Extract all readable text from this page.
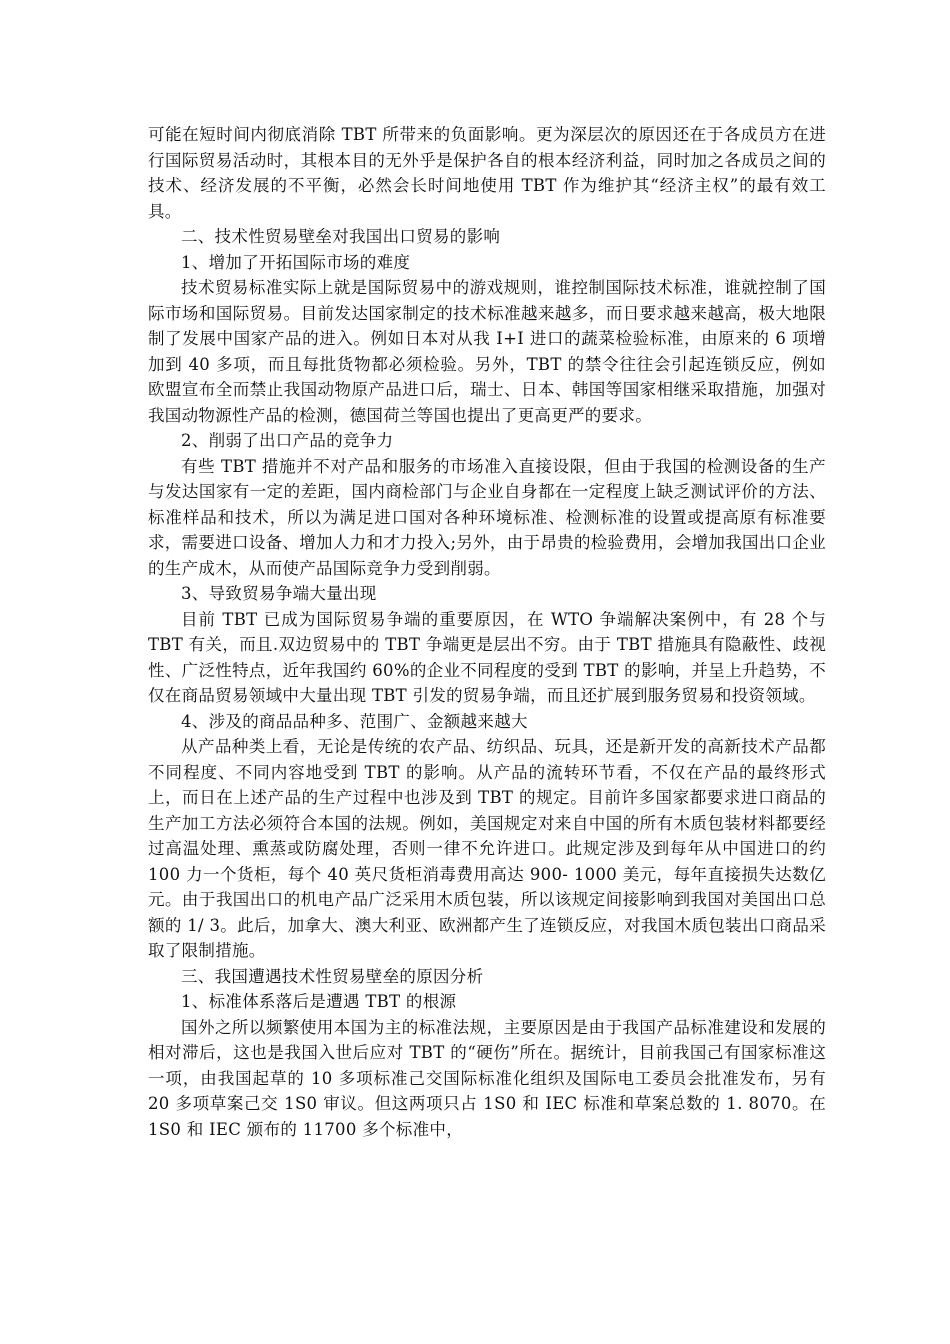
可能在短时间内彻底消除 TBT 所带来的负面影响。更为深层次的原因还在于各成员方在进行国际贸易活动时，其根本目的无外乎是保护各自的根本经济利益，同时加之各成员之间的技术、经济发展的不平衡，必然会长时间地使用 TBT 作为维护其“经济主权”的最有效工具。

二、技术性贸易壁垒对我国出口贸易的影响

1、增加了开拓国际市场的难度

技术贸易标准实际上就是国际贸易中的游戏规则，谁控制国际技术标准，谁就控制了国际市场和国际贸易。目前发达国家制定的技术标准越来越多，而日要求越来越高，极大地限制了发展中国家产品的进入。例如日本对从我 I+I 进口的蔬菜检验标准，由原来的 6 项增加到 40 多项，而且每批货物都必须检验。另外，TBT 的禁令往往会引起连锁反应，例如欧盟宣布全而禁止我国动物原产品进口后，瑞士、日本、韩国等国家相继采取措施，加强对我国动物源性产品的检测，德国荷兰等国也提出了更高更严的要求。

2、削弱了出口产品的竞争力

有些 TBT 措施并不对产品和服务的市场准入直接设限，但由于我国的检测设备的生产与发达国家有一定的差距，国内商检部门与企业自身都在一定程度上缺乏测试评价的方法、标准样品和技术，所以为满足进口国对各种环境标准、检测标准的设置或提高原有标准要求，需要进口设备、增加人力和才力投入;另外，由于昂贵的检验费用，会增加我国出口企业的生产成木，从而使产品国际竞争力受到削弱。

3、导致贸易争端大量出现

目前 TBT 已成为国际贸易争端的重要原因，在 WTO 争端解决案例中，有 28 个与 TBT 有关，而且.双边贸易中的 TBT 争端更是层出不穷。由于 TBT 措施具有隐蔽性、歧视性、广泛性特点，近年我国约 60%的企业不同程度的受到 TBT 的影响，并呈上升趋势，不仅在商品贸易领域中大量出现 TBT 引发的贸易争端，而且还扩展到服务贸易和投资领域。

4、涉及的商品品种多、范围广、金额越来越大

从产品种类上看，无论是传统的农产品、纺织品、玩具，还是新开发的高新技术产品都不同程度、不同内容地受到 TBT 的影响。从产品的流转环节看，不仅在产品的最终形式上，而日在上述产品的生产过程中也涉及到 TBT 的规定。目前许多国家都要求进口商品的生产加工方法必须符合本国的法规。例如，美国规定对来自中国的所有木质包装材料都要经过高温处理、熏蒸或防腐处理，否则一律不允许进口。此规定涉及到每年从中国进口的约 100 力一个货柜，每个 40 英尺货柜消毒费用高达 900- 1000 美元，每年直接损失达数亿元。由于我国出口的机电产品广泛采用木质包装，所以该规定间接影响到我国对美国出口总额的 1/ 3。此后，加拿大、澳大利亚、欧洲都产生了连锁反应，对我国木质包装出口商品采取了限制措施。

三、我国遭遇技术性贸易壁垒的原因分析

1、标准体系落后是遭遇 TBT 的根源

国外之所以频繁使用本国为主的标准法规，主要原因是由于我国产品标准建设和发展的相对滞后，这也是我国入世后应对 TBT 的“硬伤”所在。据统计，目前我国己有国家标准这一项，由我国起草的 10 多项标准己交国际标准化组织及国际电工委员会批准发布，另有 20 多项草案己交 1S0 审议。但这两项只占 1S0 和 IEC 标准和草案总数的 1. 8070。在 1S0 和 IEC 颁布的 11700 多个标准中，
